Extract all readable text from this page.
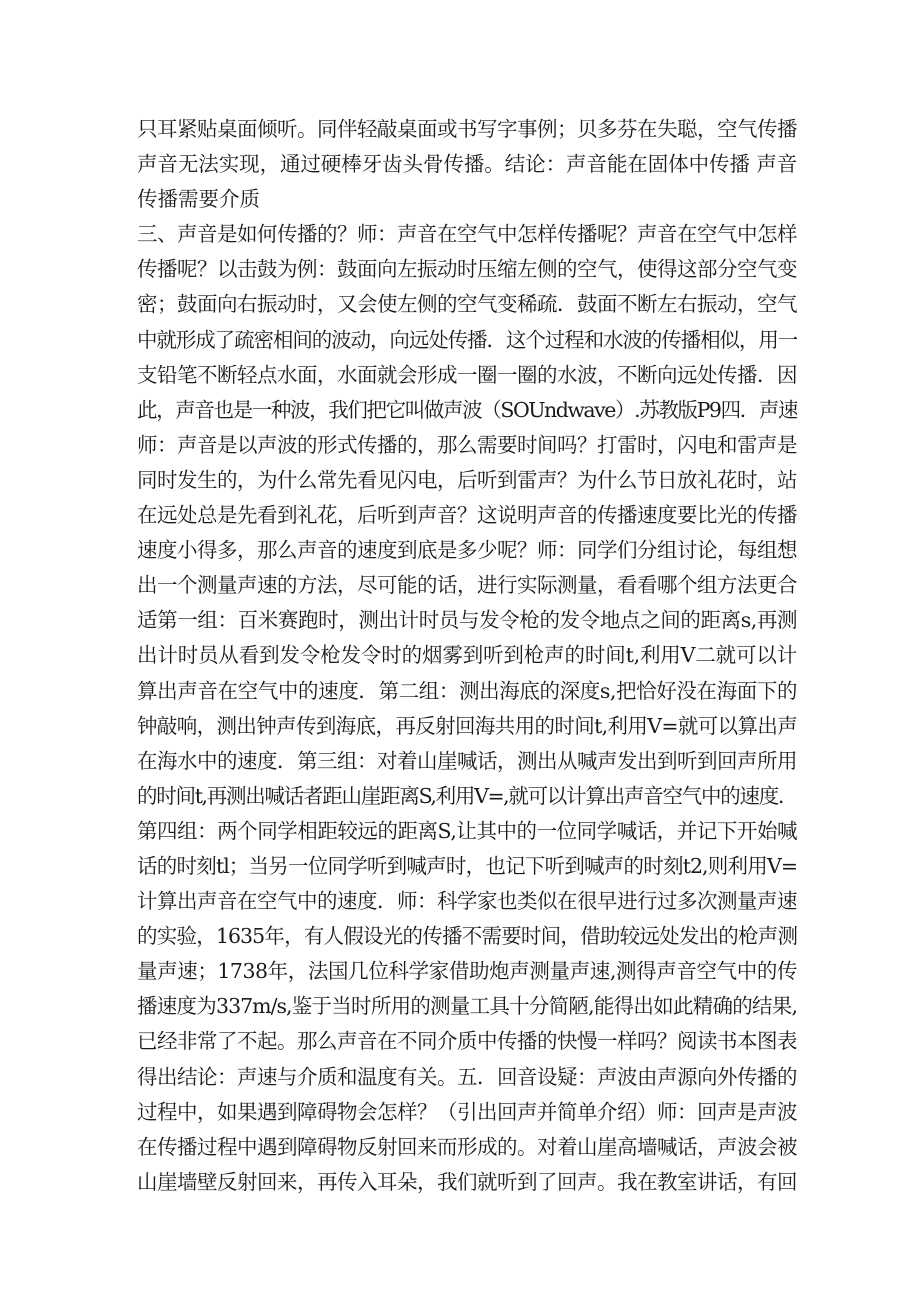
只耳紧贴桌面倾听。同伴轻敲桌面或书写字事例；贝多芬在失聪，空气传播
声音无法实现，通过硬棒牙齿头骨传播。结论：声音能在固体中传播 声音
传播需要介质
三、声音是如何传播的？师：声音在空气中怎样传播呢？声音在空气中怎样
传播呢？以击鼓为例：鼓面向左振动时压缩左侧的空气，使得这部分空气变
密；鼓面向右振动时，又会使左侧的空气变稀疏．鼓面不断左右振动，空气
中就形成了疏密相间的波动，向远处传播．这个过程和水波的传播相似，用一
支铅笔不断轻点水面，水面就会形成一圈一圈的水波，不断向远处传播．因
此，声音也是一种波，我们把它叫做声波（SOUndwave）.苏教版P9四．声速
师：声音是以声波的形式传播的，那么需要时间吗？打雷时，闪电和雷声是
同时发生的，为什么常先看见闪电，后听到雷声？为什么节日放礼花时，站
在远处总是先看到礼花，后听到声音？这说明声音的传播速度要比光的传播
速度小得多，那么声音的速度到底是多少呢？师：同学们分组讨论，每组想
出一个测量声速的方法，尽可能的话，进行实际测量，看看哪个组方法更合
适第一组：百米赛跑时，测出计时员与发令枪的发令地点之间的距离s,再测
出计时员从看到发令枪发令时的烟雾到听到枪声的时间t,利用V二就可以计
算出声音在空气中的速度．第二组：测出海底的深度s,把恰好没在海面下的
钟敲响，测出钟声传到海底，再反射回海共用的时间t,利用V=就可以算出声
在海水中的速度．第三组：对着山崖喊话，测出从喊声发出到听到回声所用
的时间t,再测出喊话者距山崖距离S,利用V=,就可以计算出声音空气中的速度．
第四组：两个同学相距较远的距离S,让其中的一位同学喊话，并记下开始喊
话的时刻tl；当另一位同学听到喊声时，也记下听到喊声的时刻t2,则利用V=
计算出声音在空气中的速度．师：科学家也类似在很早进行过多次测量声速
的实验，1635年，有人假设光的传播不需要时间，借助较远处发出的枪声测
量声速；1738年，法国几位科学家借助炮声测量声速,测得声音空气中的传
播速度为337m∕s,鉴于当时所用的测量工具十分简陋,能得出如此精确的结果,
已经非常了不起。那么声音在不同介质中传播的快慢一样吗？阅读书本图表
得出结论：声速与介质和温度有关。五．回音设疑：声波由声源向外传播的
过程中，如果遇到障碍物会怎样？（引出回声并简单介绍）师：回声是声波
在传播过程中遇到障碍物反射回来而形成的。对着山崖高墙喊话，声波会被
山崖墙壁反射回来，再传入耳朵，我们就听到了回声。我在教室讲话，有回
